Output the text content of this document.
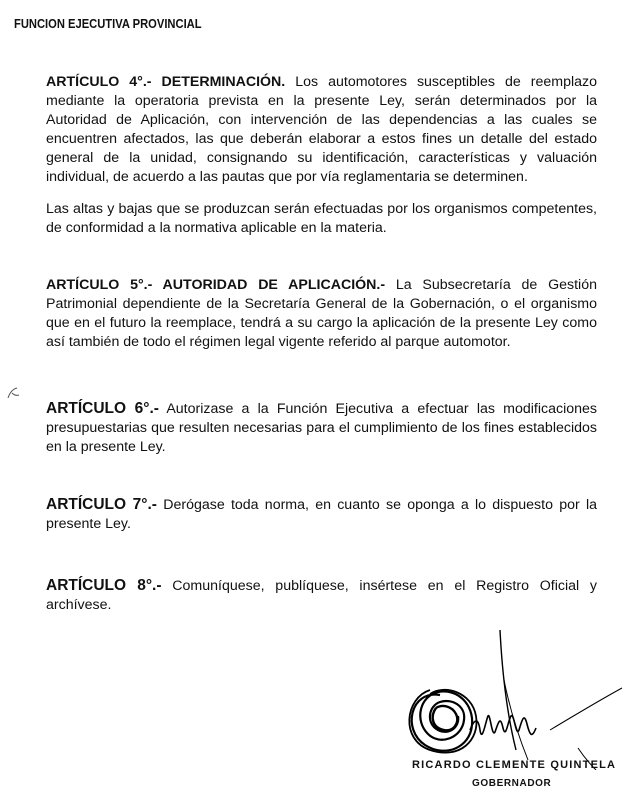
FUNCION EJECUTIVA PROVINCIAL

ARTÍCULO 4°.- DETERMINACIÓN. Los automotores susceptibles de reemplazo mediante la operatoria prevista en la presente Ley, serán determinados por la Autoridad de Aplicación, con intervención de las dependencias a las cuales se encuentren afectados, las que deberán elaborar a estos fines un detalle del estado general de la unidad, consignando su identificación, características y valuación individual, de acuerdo a las pautas que por vía reglamentaria se determinen.

Las altas y bajas que se produzcan serán efectuadas por los organismos competentes, de conformidad a la normativa aplicable en la materia.

ARTÍCULO 5°.- AUTORIDAD DE APLICACIÓN.- La Subsecretaría de Gestión Patrimonial dependiente de la Secretaría General de la Gobernación, o el organismo que en el futuro la reemplace, tendrá a su cargo la aplicación de la presente Ley como así también de todo el régimen legal vigente referido al parque automotor.

ARTÍCULO 6°.- Autorizase a la Función Ejecutiva a efectuar las modificaciones presupuestarias que resulten necesarias para el cumplimiento de los fines establecidos en la presente Ley.

ARTÍCULO 7°.- Derógase toda norma, en cuanto se oponga a lo dispuesto por la presente Ley.

ARTÍCULO 8°.- Comuníquese, publíquese, insértese en el Registro Oficial y archívese.

RICARDO CLEMENTE QUINTELA
GOBERNADOR
